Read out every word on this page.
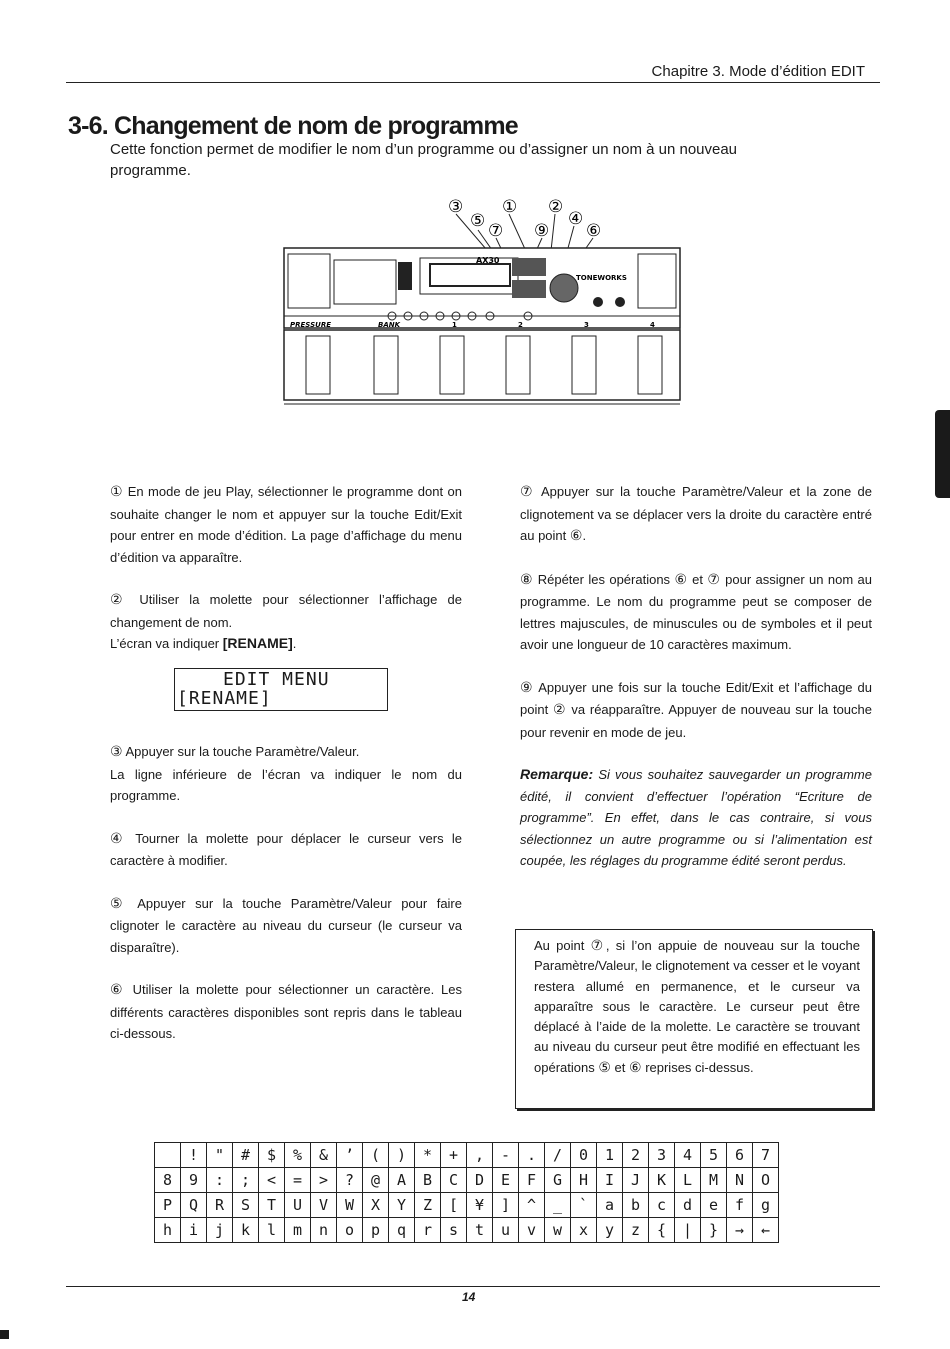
Chapitre 3. Mode d’édition EDIT
3-6. Changement de nom de programme
Cette fonction permet de modifier le nom d’un programme ou d’assigner un nom à un nouveau programme.
③
⑤ ⑦
①
⑨
②
④
⑥
AX30
TONEWORKS
PRESSURE	BANK	1	2	3	4

① En mode de jeu Play, sélectionner le programme dont on souhaite changer le nom et appuyer sur la touche Edit/Exit pour entrer en mode d’édition. La page d’affichage du menu d’édition va apparaître.

② Utiliser la molette pour sélectionner l’affichage de changement de nom.
L’écran va indiquer [RENAME].

EDIT MENU
[RENAME]

③ Appuyer sur la touche Paramètre/Valeur.
La ligne inférieure de l’écran va indiquer le nom du programme.

④ Tourner la molette pour déplacer le curseur vers le caractère à modifier.

⑤ Appuyer sur la touche Paramètre/Valeur pour faire clignoter le caractère au niveau du curseur (le curseur va disparaître).

⑥ Utiliser la molette pour sélectionner un caractère. Les différents caractères disponibles sont repris dans le tableau ci-dessous.

⑦ Appuyer sur la touche Paramètre/Valeur et la zone de clignotement va se déplacer vers la droite du caractère entré au point ⑥.

⑧ Répéter les opérations ⑥ et ⑦ pour assigner un nom au programme. Le nom du programme peut se composer de lettres majuscules, de minuscules ou de symboles et il peut avoir une longueur de 10 caractères maximum.

⑨ Appuyer une fois sur la touche Edit/Exit et l’affichage du point ② va réapparaître. Appuyer de nouveau sur la touche pour revenir en mode de jeu.

Remarque: Si vous souhaitez sauvegarder un programme édité, il convient d’effectuer l’opération “Ecriture de programme”. En effet, dans le cas contraire, si vous sélectionnez un autre programme ou si l’alimentation est coupée, les réglages du programme édité seront perdus.

Au point ⑦, si l’on appuie de nouveau sur la touche Paramètre/Valeur, le clignotement va cesser et le voyant restera allumé en permanence, et le curseur va apparaître sous le caractère. Le curseur peut être déplacé à l’aide de la molette. Le caractère se trouvant au niveau du curseur peut être modifié en effectuant les opérations ⑤ et ⑥ reprises ci-dessus.
	!	"	#	$	%	&	’	(	)	*	+	,	-	.	/	0	1	2	3	4	5	6	7
8	9	:	;	<	=	>	?	@	A	B	C	D	E	F	G	H	I	J	K	L	M	N	O
P	Q	R	S	T	U	V	W	X	Y	Z	[	¥	]	^	_	`	a	b	c	d	e	f	g
h	i	j	k	l	m	n	o	p	q	r	s	t	u	v	w	x	y	z	{	|	}	→	←
14
